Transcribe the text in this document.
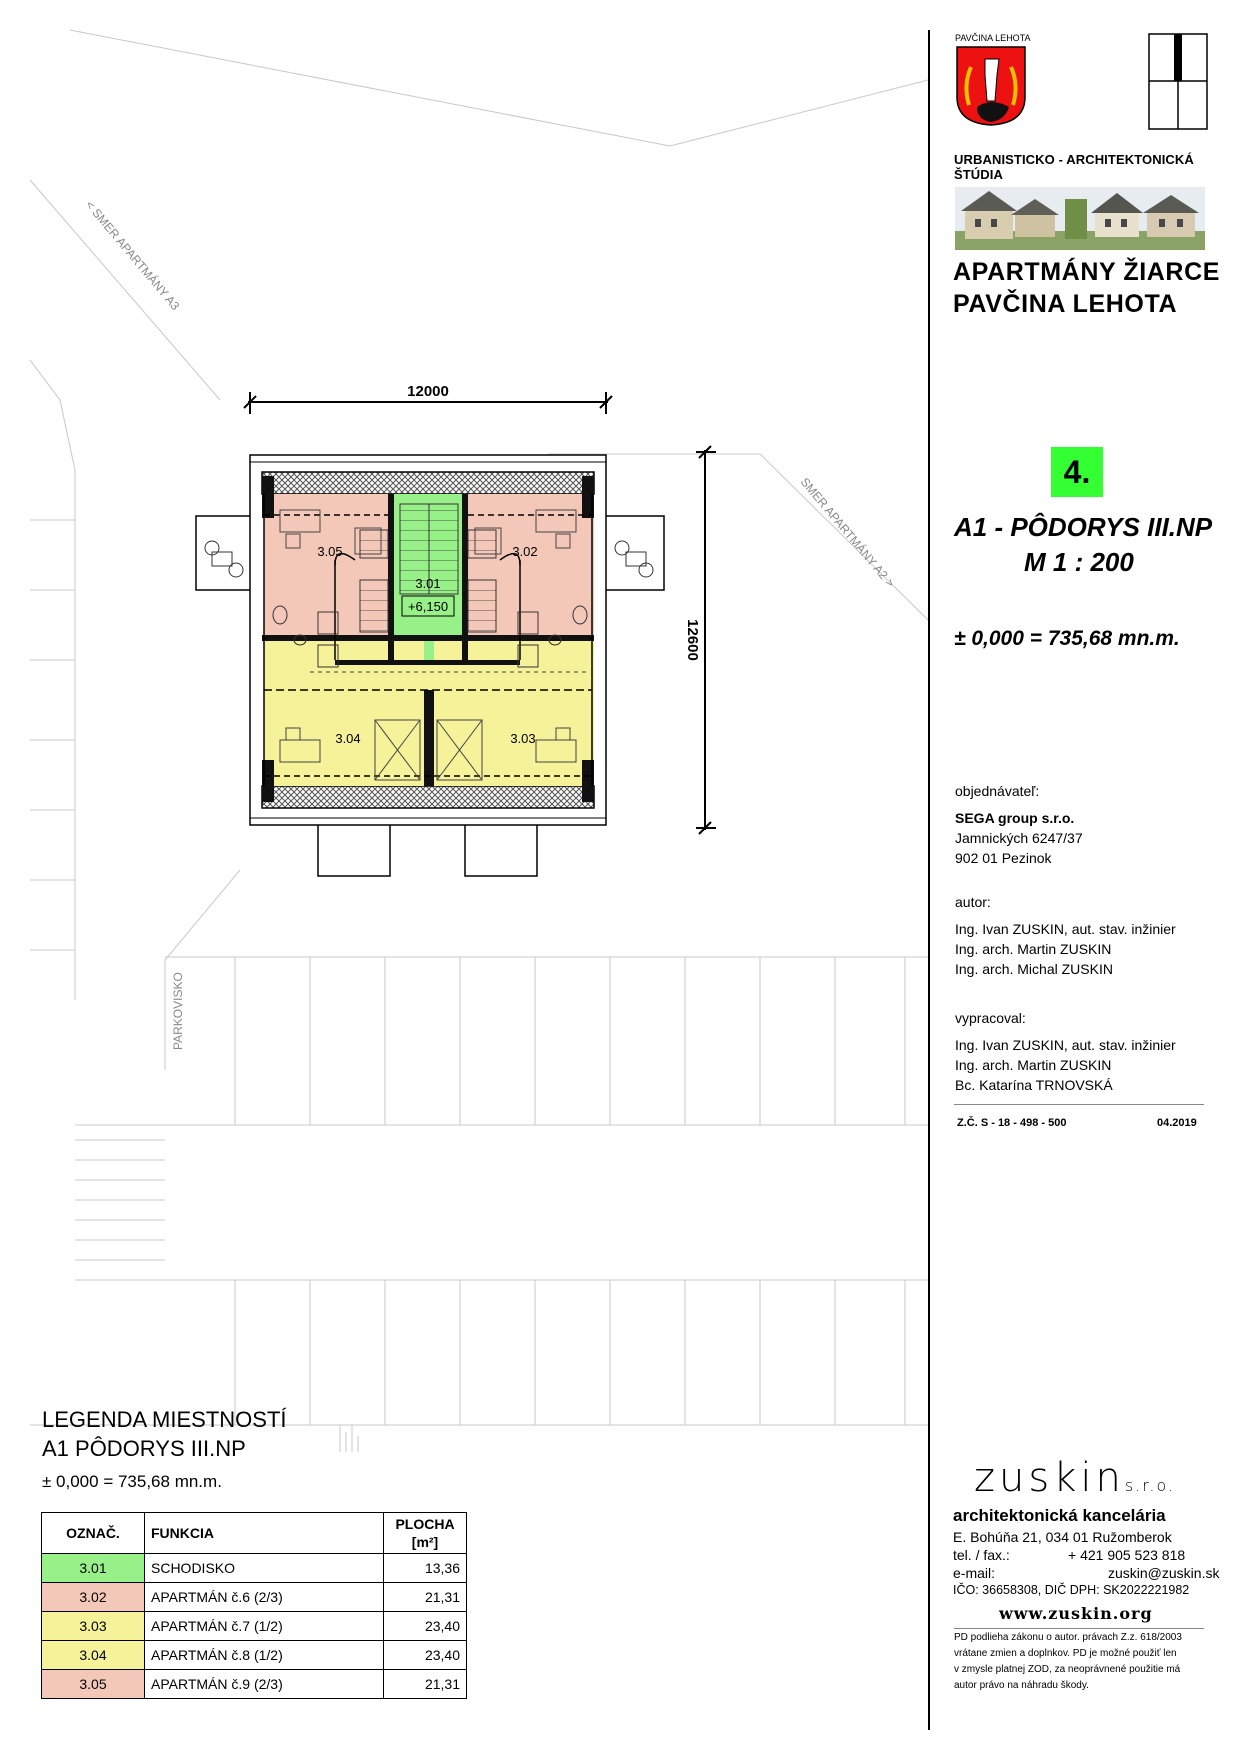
< SMER APARTMÁNY A3
SMER APARTMÁNY A2 >
PARKOVISKO
12000
12600
3.05	3.02
3.01
+6,150
3.04	3.03
PAVČINA LEHOTA
URBANISTICKO - ARCHITEKTONICKÁ ŠTÚDIA
APARTMÁNY ŽIARCE
PAVČINA LEHOTA
4.
A1 - PÔDORYS III.NP
M 1 : 200
± 0,000 = 735,68 mn.m.
objednávateľ:
SEGA group s.r.o.
Jamnických 6247/37
902 01 Pezinok
autor:
Ing. Ivan ZUSKIN, aut. stav. inžinier
Ing. arch. Martin ZUSKIN
Ing. arch. Michal ZUSKIN
vypracoval:
Ing. Ivan ZUSKIN, aut. stav. inžinier
Ing. arch. Martin ZUSKIN
Bc. Katarína TRNOVSKÁ
Z.Č. S - 18 - 498 - 500	04.2019
zuskins.r.o.
architektonická kancelária
E. Bohúňa 21, 034 01 Ružomberok
tel. / fax.:	+ 421 905 523 818
e-mail:	zuskin@zuskin.sk
IČO: 36658308, DIČ DPH: SK2022221982
www.zuskin.org
PD podlieha zákonu o autor. právach Z.z. 618/2003
vrátane zmien a doplnkov. PD je možné použiť len
v zmysle platnej ZOD, za neoprávnené použitie má
autor právo na náhradu škody.
LEGENDA MIESTNOSTÍ
A1 PÔDORYS III.NP
± 0,000 = 735,68 mn.m.
OZNAČ.	FUNKCIA	PLOCHA
[m²]

3.01	SCHODISKO	13,36
3.02	APARTMÁN č.6 (2/3)	21,31
3.03	APARTMÁN č.7 (1/2)	23,40
3.04	APARTMÁN č.8 (1/2)	23,40
3.05	APARTMÁN č.9 (2/3)	21,31
